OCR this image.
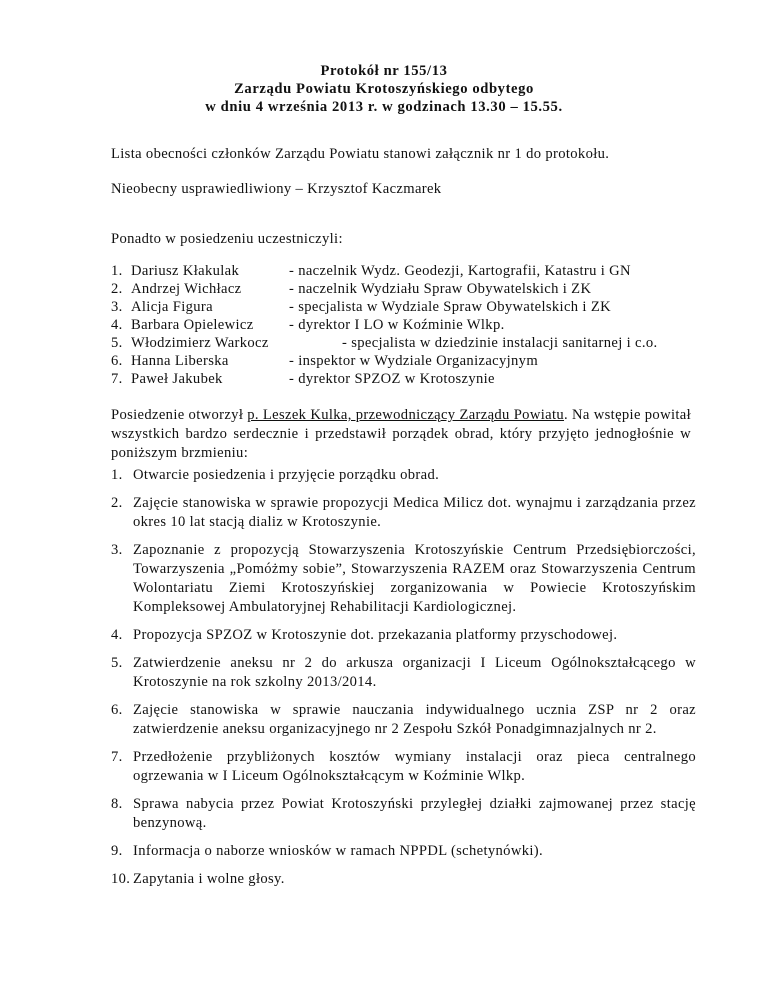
Protokół nr 155/13
Zarządu Powiatu Krotoszyńskiego odbytego
w dniu 4 września 2013 r. w godzinach 13.30 – 15.55.

Lista obecności członków Zarządu Powiatu stanowi załącznik nr 1 do protokołu.

Nieobecny usprawiedliwiony – Krzysztof Kaczmarek

Ponadto w posiedzeniu uczestniczyli:

1. Dariusz Kłakulak	- naczelnik Wydz. Geodezji, Kartografii, Katastru i GN
2. Andrzej Wichłacz	- naczelnik Wydziału Spraw Obywatelskich i ZK
3. Alicja Figura	- specjalista w Wydziale Spraw Obywatelskich i ZK
4. Barbara Opielewicz - dyrektor I LO w Koźminie Wlkp.
5. Włodzimierz Warkocz	- specjalista w dziedzinie instalacji sanitarnej i c.o.
6. Hanna Liberska	- inspektor w Wydziale Organizacyjnym
7. Paweł Jakubek	- dyrektor SPZOZ w Krotoszynie

Posiedzenie otworzył p. Leszek Kulka, przewodniczący Zarządu Powiatu. Na wstępie powitał wszystkich bardzo serdecznie i przedstawił porządek obrad, który przyjęto jednogłośnie w poniższym brzmieniu:

1. Otwarcie posiedzenia i przyjęcie porządku obrad.
2. Zajęcie stanowiska w sprawie propozycji Medica Milicz dot. wynajmu i zarządzania przez okres 10 lat stacją dializ w Krotoszynie.
3. Zapoznanie z propozycją Stowarzyszenia Krotoszyńskie Centrum Przedsiębiorczości, Towarzyszenia „Pomóżmy sobie”, Stowarzyszenia RAZEM oraz Stowarzyszenia Centrum Wolontariatu Ziemi Krotoszyńskiej zorganizowania w Powiecie Krotoszyńskim Kompleksowej Ambulatoryjnej Rehabilitacji Kardiologicznej.
4. Propozycja SPZOZ w Krotoszynie dot. przekazania platformy przyschodowej.
5. Zatwierdzenie aneksu nr 2 do arkusza organizacji I Liceum Ogólnokształcącego w Krotoszynie na rok szkolny 2013/2014.
6. Zajęcie stanowiska w sprawie nauczania indywidualnego ucznia ZSP nr 2 oraz zatwierdzenie aneksu organizacyjnego nr 2 Zespołu Szkół Ponadgimnazjalnych nr 2.
7. Przedłożenie przybliżonych kosztów wymiany instalacji oraz pieca centralnego ogrzewania w I Liceum Ogólnokształcącym w Koźminie Wlkp.
8. Sprawa nabycia przez Powiat Krotoszyński przyległej działki zajmowanej przez stację benzynową.
9. Informacja o naborze wniosków w ramach NPPDL (schetynówki).
10. Zapytania i wolne głosy.
